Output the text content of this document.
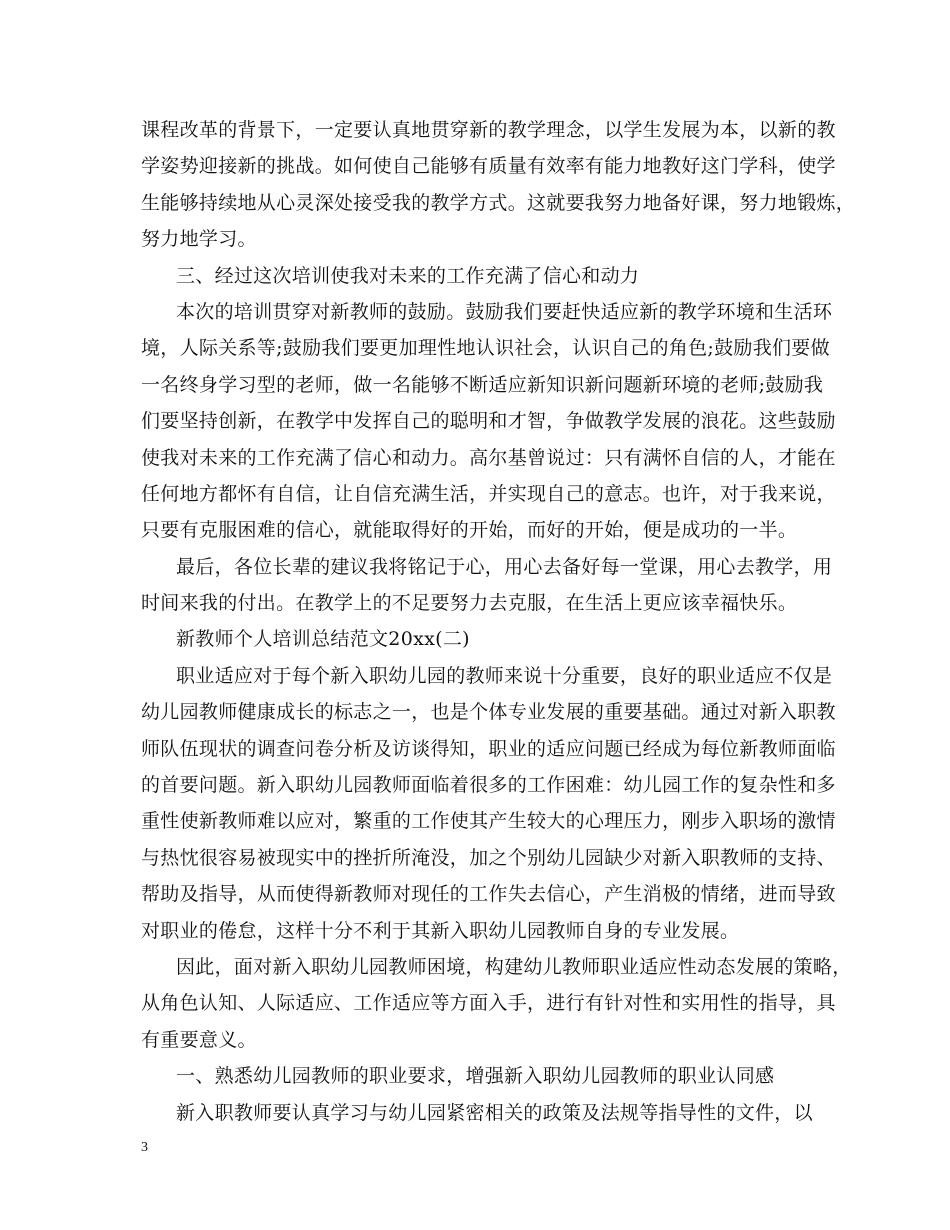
课程改革的背景下，一定要认真地贯穿新的教学理念，以学生发展为本，以新的教
学姿势迎接新的挑战。如何使自己能够有质量有效率有能力地教好这门学科，使学
生能够持续地从心灵深处接受我的教学方式。这就要我努力地备好课，努力地锻炼，
努力地学习。
三、经过这次培训使我对未来的工作充满了信心和动力
本次的培训贯穿对新教师的鼓励。鼓励我们要赶快适应新的教学环境和生活环
境，人际关系等;鼓励我们要更加理性地认识社会，认识自己的角色;鼓励我们要做
一名终身学习型的老师，做一名能够不断适应新知识新问题新环境的老师;鼓励我
们要坚持创新，在教学中发挥自己的聪明和才智，争做教学发展的浪花。这些鼓励
使我对未来的工作充满了信心和动力。高尔基曾说过：只有满怀自信的人，才能在
任何地方都怀有自信，让自信充满生活，并实现自己的意志。也许，对于我来说，
只要有克服困难的信心，就能取得好的开始，而好的开始，便是成功的一半。
最后，各位长辈的建议我将铭记于心，用心去备好每一堂课，用心去教学，用
时间来我的付出。在教学上的不足要努力去克服，在生活上更应该幸福快乐。
新教师个人培训总结范文20xx(二)
职业适应对于每个新入职幼儿园的教师来说十分重要，良好的职业适应不仅是
幼儿园教师健康成长的标志之一，也是个体专业发展的重要基础。通过对新入职教
师队伍现状的调查问卷分析及访谈得知，职业的适应问题已经成为每位新教师面临
的首要问题。新入职幼儿园教师面临着很多的工作困难：幼儿园工作的复杂性和多
重性使新教师难以应对，繁重的工作使其产生较大的心理压力，刚步入职场的激情
与热忱很容易被现实中的挫折所淹没，加之个别幼儿园缺少对新入职教师的支持、
帮助及指导，从而使得新教师对现任的工作失去信心，产生消极的情绪，进而导致
对职业的倦怠，这样十分不利于其新入职幼儿园教师自身的专业发展。
因此，面对新入职幼儿园教师困境，构建幼儿教师职业适应性动态发展的策略，
从角色认知、人际适应、工作适应等方面入手，进行有针对性和实用性的指导，具
有重要意义。
一、熟悉幼儿园教师的职业要求，增强新入职幼儿园教师的职业认同感
新入职教师要认真学习与幼儿园紧密相关的政策及法规等指导性的文件，以
3
